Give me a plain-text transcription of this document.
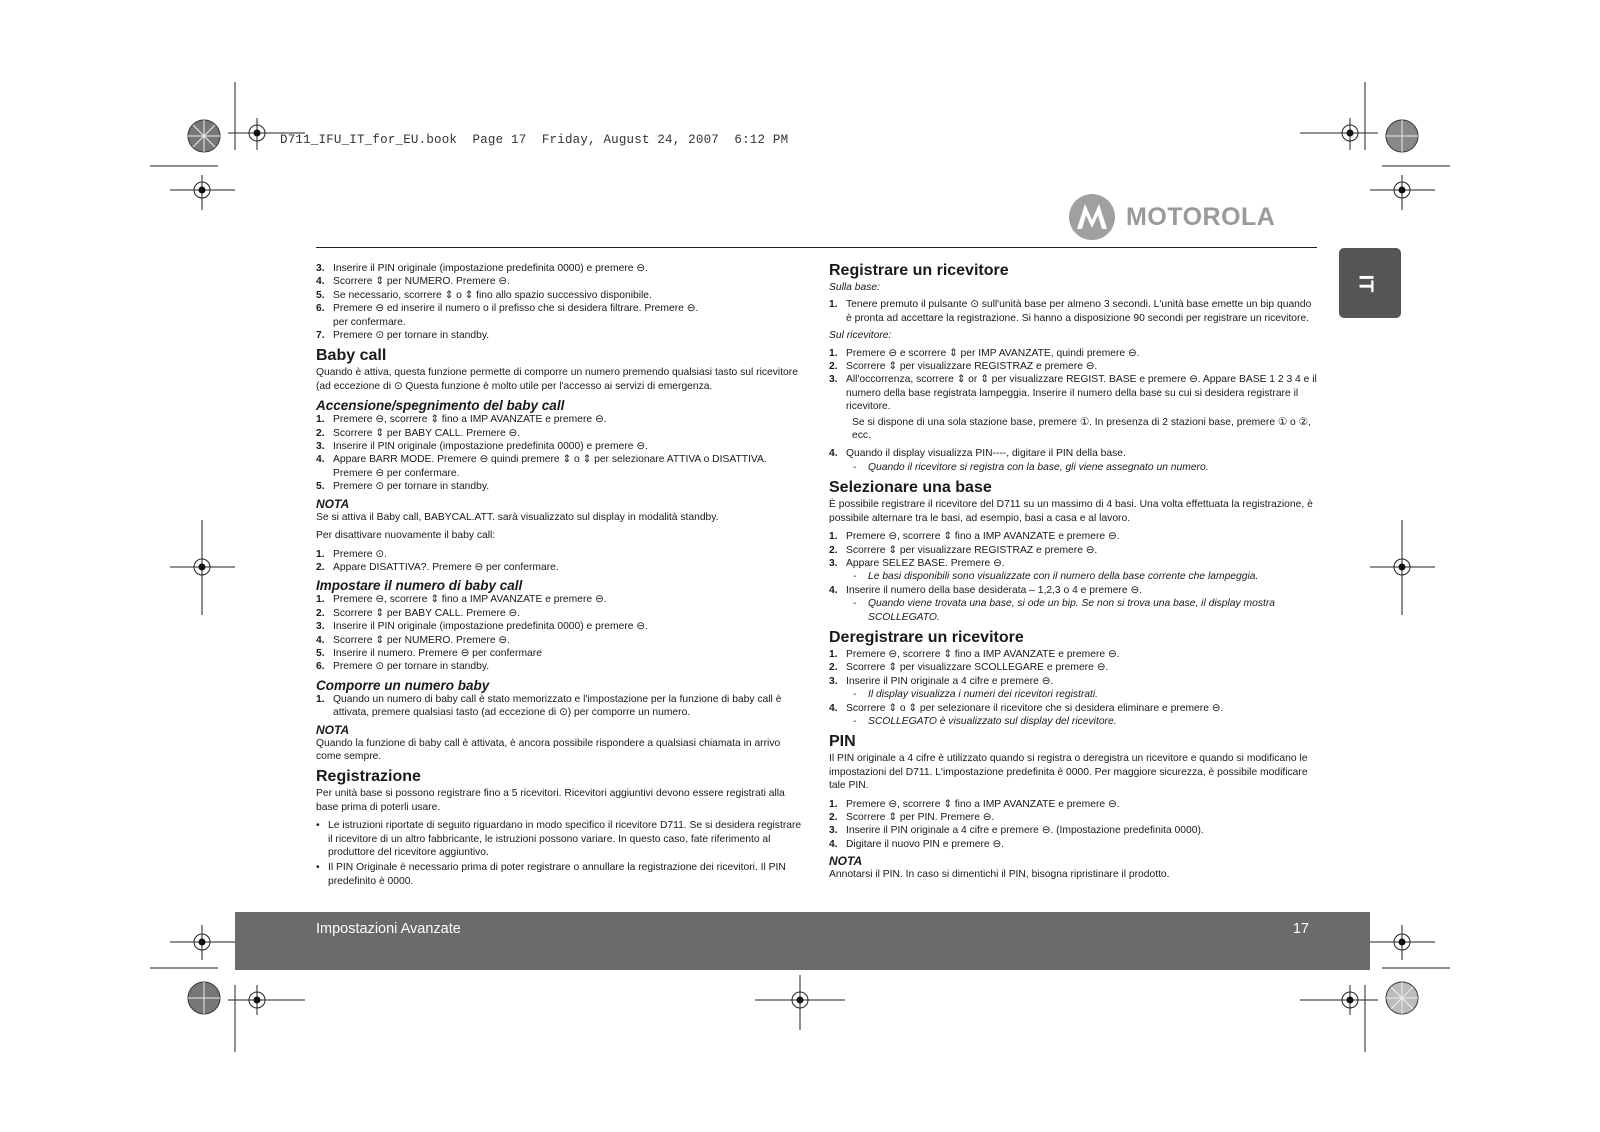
D711_IFU_IT_for_EU.book  Page 17  Friday, August 24, 2007  6:12 PM
MOTOROLA
IT
3. Inserire il PIN originale (impostazione predefinita 0000) e premere ⊖.
4. Scorrere ⇕ per NUMERO. Premere ⊖.
5. Se necessario, scorrere ⇕ o ⇕ fino allo spazio successivo disponibile.
6. Premere ⊖ ed inserire il numero o il prefisso che si desidera filtrare. Premere ⊖.
per confermare.
7. Premere ⊙ per tornare in standby.
Baby call

Quando è attiva, questa funzione permette di comporre un numero premendo qualsiasi tasto sul ricevitore (ad eccezione di ⊙ Questa funzione è molto utile per l'accesso ai servizi di emergenza.

Accensione/spegnimento del baby call
1. Premere ⊖, scorrere ⇕ fino a IMP AVANZATE e premere ⊖.
2. Scorrere ⇕ per BABY CALL. Premere ⊖.
3. Inserire il PIN originale (impostazione predefinita 0000) e premere ⊖.
4. Appare BARR MODE. Premere ⊖ quindi premere ⇕ o ⇕ per selezionare ATTIVA o DISATTIVA.
Premere ⊖ per confermare.
5. Premere ⊙ per tornare in standby.
NOTA

Se si attiva il Baby call, BABYCAL.ATT. sarà visualizzato sul display in modalità standby.

Per disattivare nuovamente il baby call:

1. Premere ⊙.
2. Appare DISATTIVA?. Premere ⊖ per confermare.
Impostare il numero di baby call
1. Premere ⊖, scorrere ⇕ fino a IMP AVANZATE e premere ⊖.
2. Scorrere ⇕ per BABY CALL. Premere ⊖.
3. Inserire il PIN originale (impostazione predefinita 0000) e premere ⊖.
4. Scorrere ⇕ per NUMERO. Premere ⊖.
5. Inserire il numero. Premere ⊖ per confermare
6. Premere ⊙ per tornare in standby.
Comporre un numero baby
1. Quando un numero di baby call è stato memorizzato e l'impostazione per la funzione di baby call è attivata, premere qualsiasi tasto (ad eccezione di ⊙) per comporre un numero.
NOTA

Quando la funzione di baby call è attivata, è ancora possibile rispondere a qualsiasi chiamata in arrivo come sempre.

Registrazione

Per unità base si possono registrare fino a 5 ricevitori. Ricevitori aggiuntivi devono essere registrati alla base prima di poterli usare.

• Le istruzioni riportate di seguito riguardano in modo specifico il ricevitore D711. Se si desidera registrare il ricevitore di un altro fabbricante, le istruzioni possono variare. In questo caso, fate riferimento al produttore del ricevitore aggiuntivo.
• Il PIN Originale è necessario prima di poter registrare o annullare la registrazione dei ricevitori. Il PIN predefinito è 0000.
Registrare un ricevitore

Sulla base:

1. Tenere premuto il pulsante ⊙ sull'unità base per almeno 3 secondi. L'unità base emette un bip quando è pronta ad accettare la registrazione. Si hanno a disposizione 90 secondi per registrare un ricevitore.

Sul ricevitore:

1. Premere ⊖ e scorrere ⇕ per IMP AVANZATE, quindi premere ⊖.
2. Scorrere ⇕ per visualizzare REGISTRAZ e premere ⊖.
3. All'occorrenza, scorrere ⇕ or ⇕ per visualizzare REGIST. BASE e premere ⊖. Appare BASE 1 2 3 4 e il numero della base registrata lampeggia. Inserire il numero della base su cui si desidera registrare il ricevitore.
Se si dispone di una sola stazione base, premere ①. In presenza di 2 stazioni base, premere ① o ②, ecc.
4. Quando il display visualizza PIN----, digitare il PIN della base.
- Quando il ricevitore si registra con la base, gli viene assegnato un numero.
Selezionare una base

È possibile registrare il ricevitore del D711 su un massimo di 4 basi. Una volta effettuata la registrazione, è possibile alternare tra le basi, ad esempio, basi a casa e al lavoro.

1. Premere ⊖, scorrere ⇕ fino a IMP AVANZATE e premere ⊖.
2. Scorrere ⇕ per visualizzare REGISTRAZ e premere ⊖.
3. Appare SELEZ BASE. Premere ⊖.
- Le basi disponibili sono visualizzate con il numero della base corrente che lampeggia.
4. Inserire il numero della base desiderata – 1,2,3 o 4 e premere ⊖.
- Quando viene trovata una base, si ode un bip. Se non si trova una base, il display mostra SCOLLEGATO.
Deregistrare un ricevitore
1. Premere ⊖, scorrere ⇕ fino a IMP AVANZATE e premere ⊖.
2. Scorrere ⇕ per visualizzare SCOLLEGARE e premere ⊖.
3. Inserire il PIN originale a 4 cifre e premere ⊖.
- Il display visualizza i numeri dei ricevitori registrati.
4. Scorrere ⇕ o ⇕ per selezionare il ricevitore che si desidera eliminare e premere ⊖.
- SCOLLEGATO è visualizzato sul display del ricevitore.
PIN

Il PIN originale a 4 cifre è utilizzato quando si registra o deregistra un ricevitore e quando si modificano le impostazioni del D711. L'impostazione predefinita è 0000. Per maggiore sicurezza, è possibile modificare tale PIN.

1. Premere ⊖, scorrere ⇕ fino a IMP AVANZATE e premere ⊖.
2. Scorrere ⇕ per PIN. Premere ⊖.
3. Inserire il PIN originale a 4 cifre e premere ⊖. (Impostazione predefinita 0000).
4. Digitare il nuovo PIN e premere ⊖.
NOTA

Annotarsi il PIN. In caso si dimentichi il PIN, bisogna ripristinare il prodotto.

Impostazioni Avanzate	17
